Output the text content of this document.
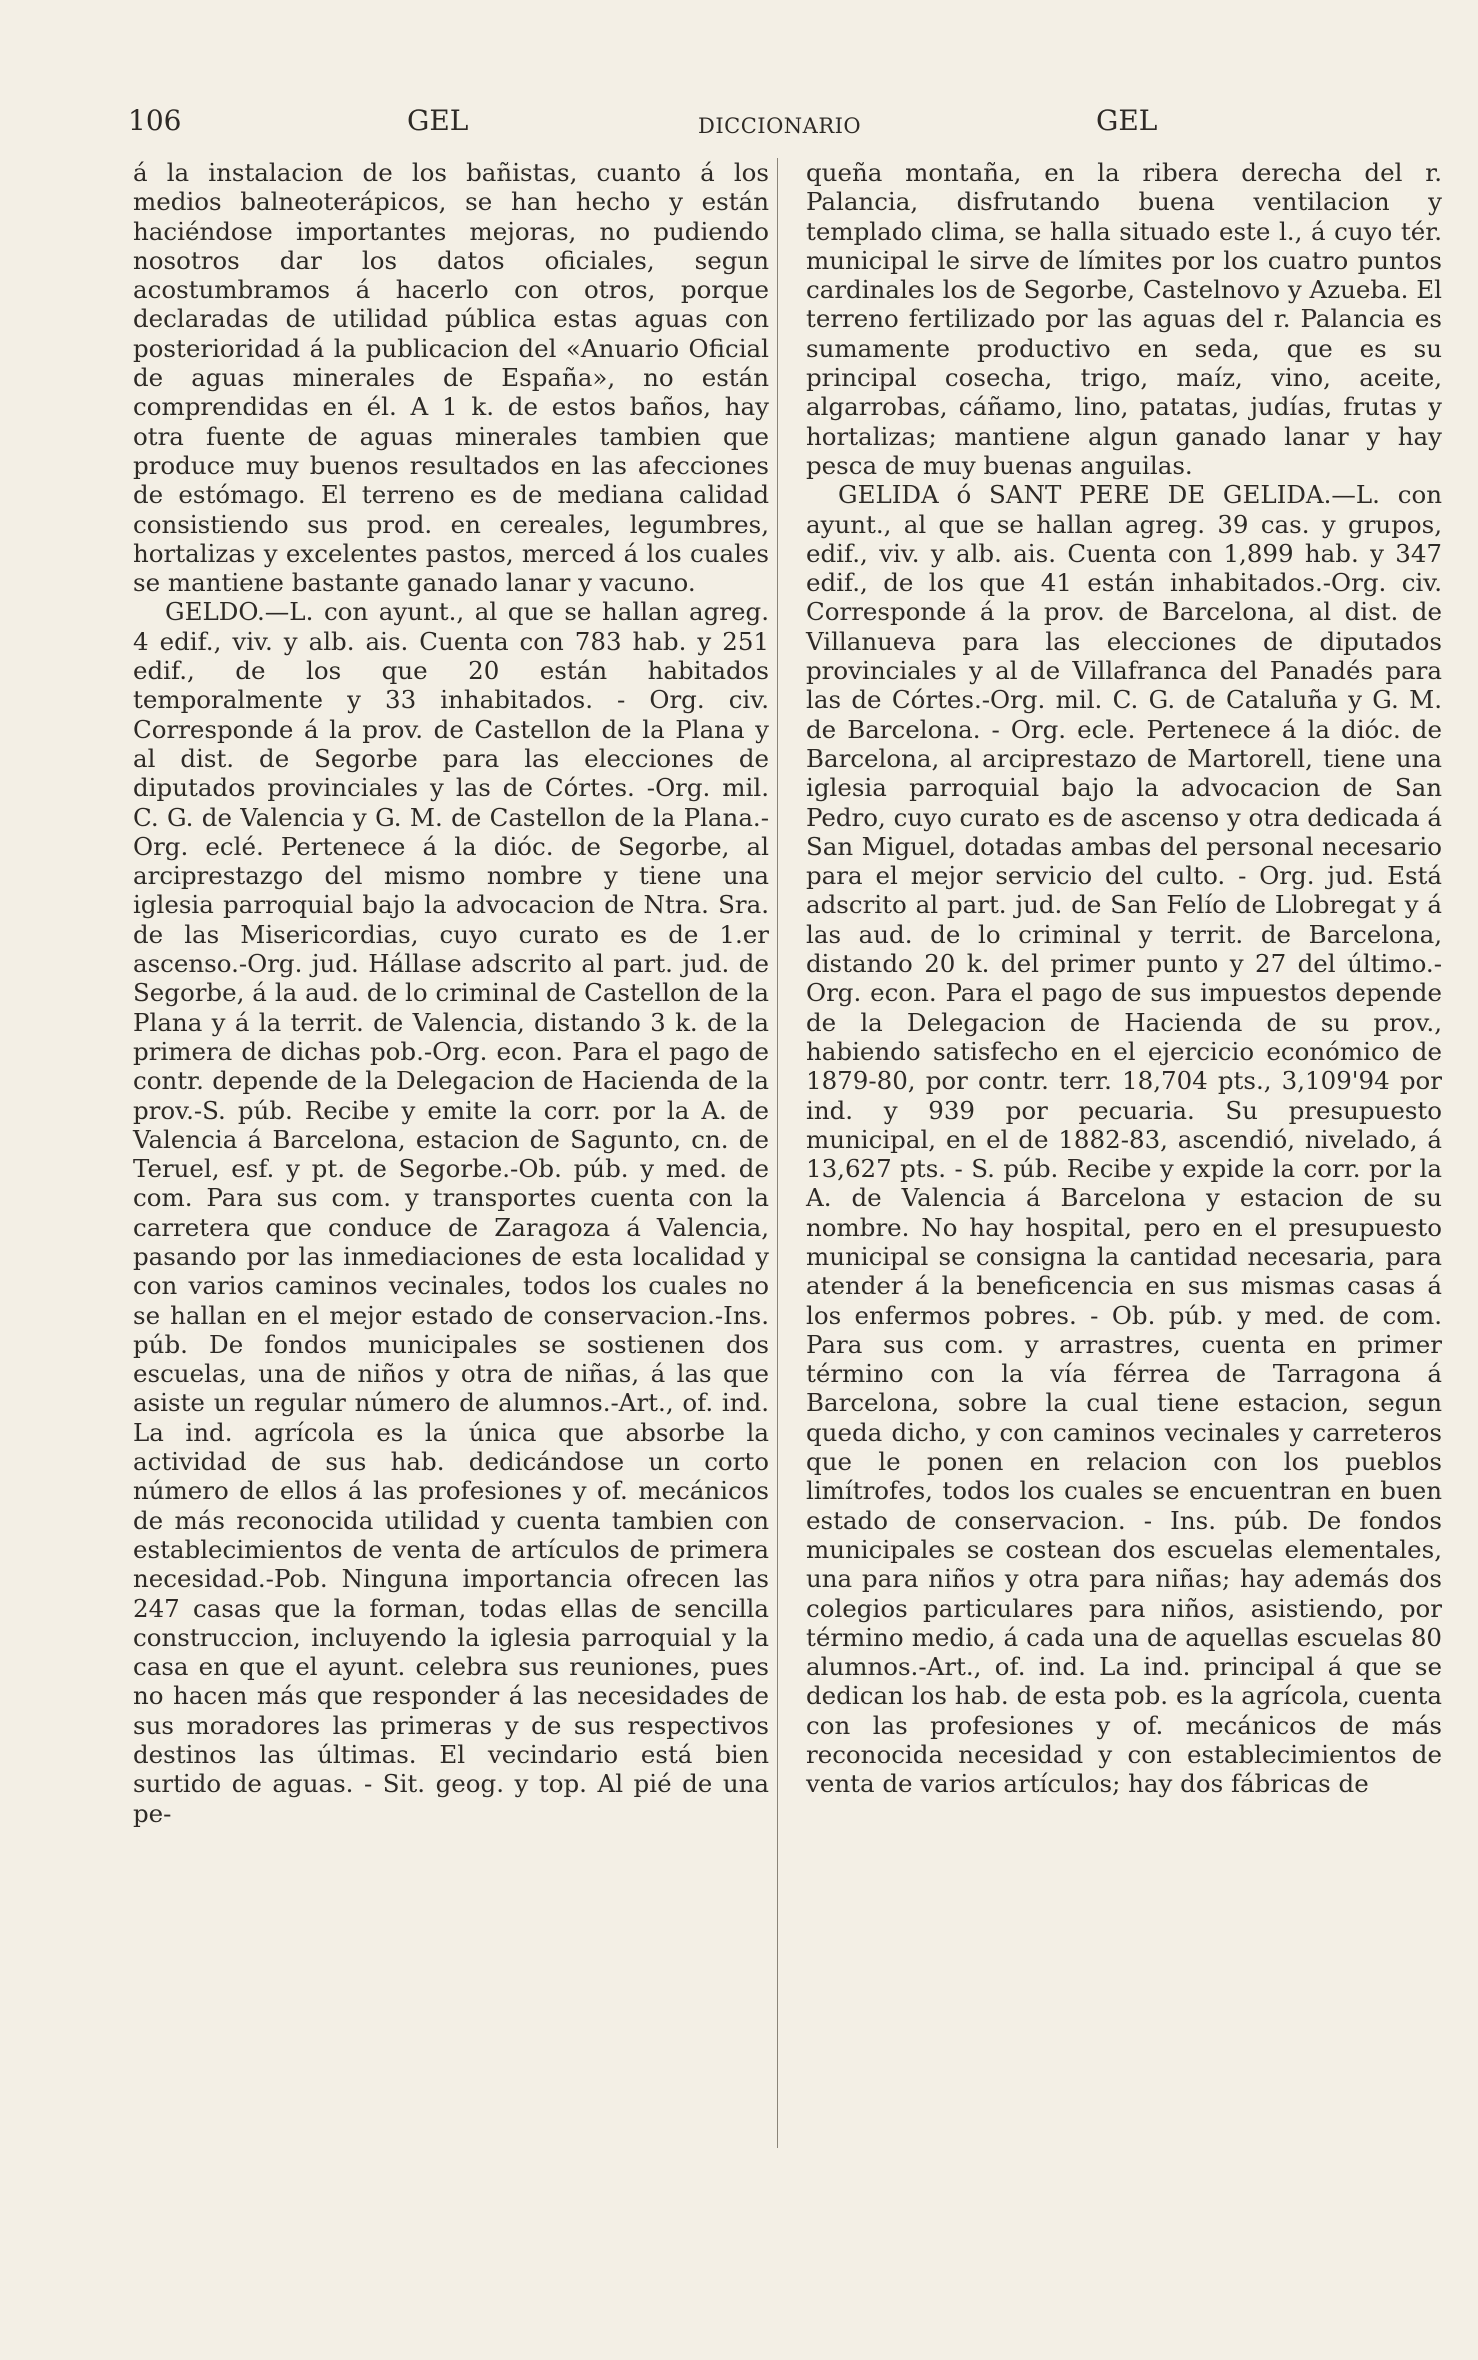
106	GEL	DICCIONARIO	GEL

á la instalacion de los bañistas, cuanto á los medios balneoterápicos, se han hecho y están haciéndose importantes mejoras, no pudiendo nosotros dar los datos oficiales, segun acostumbramos á hacerlo con otros, porque declaradas de utilidad pública estas aguas con posterioridad á la publicacion del «Anuario Oficial de aguas minerales de España», no están comprendidas en él. A 1 k. de estos baños, hay otra fuente de aguas minerales tambien que produce muy buenos resultados en las afecciones de estómago. El terreno es de mediana calidad consistiendo sus prod. en cereales, legumbres, hortalizas y excelentes pastos, merced á los cuales se mantiene bastante ganado lanar y vacuno.

GELDO.—L. con ayunt., al que se hallan agreg. 4 edif., viv. y alb. ais. Cuenta con 783 hab. y 251 edif., de los que 20 están habitados temporalmente y 33 inhabitados. - Org. civ. Corresponde á la prov. de Castellon de la Plana y al dist. de Segorbe para las elecciones de diputados provinciales y las de Córtes. -Org. mil. C. G. de Valencia y G. M. de Castellon de la Plana.-Org. eclé. Pertenece á la dióc. de Segorbe, al arciprestazgo del mismo nombre y tiene una iglesia parroquial bajo la advocacion de Ntra. Sra. de las Misericordias, cuyo curato es de 1.er ascenso.-Org. jud. Hállase adscrito al part. jud. de Segorbe, á la aud. de lo criminal de Castellon de la Plana y á la territ. de Valencia, distando 3 k. de la primera de dichas pob.-Org. econ. Para el pago de contr. depende de la Delegacion de Hacienda de la prov.-S. púb. Recibe y emite la corr. por la A. de Valencia á Barcelona, estacion de Sagunto, cn. de Teruel, esf. y pt. de Segorbe.-Ob. púb. y med. de com. Para sus com. y transportes cuenta con la carretera que conduce de Zaragoza á Valencia, pasando por las inmediaciones de esta localidad y con varios caminos vecinales, todos los cuales no se hallan en el mejor estado de conservacion.-Ins. púb. De fondos municipales se sostienen dos escuelas, una de niños y otra de niñas, á las que asiste un regular número de alumnos.-Art., of. ind. La ind. agrícola es la única que absorbe la actividad de sus hab. dedicándose un corto número de ellos á las profesiones y of. mecánicos de más reconocida utilidad y cuenta tambien con establecimientos de venta de artículos de primera necesidad.-Pob. Ninguna importancia ofrecen las 247 casas que la forman, todas ellas de sencilla construccion, incluyendo la iglesia parroquial y la casa en que el ayunt. celebra sus reuniones, pues no hacen más que responder á las necesidades de sus moradores las primeras y de sus respectivos destinos las últimas. El vecindario está bien surtido de aguas. - Sit. geog. y top. Al pié de una pe-

queña montaña, en la ribera derecha del r. Palancia, disfrutando buena ventilacion y templado clima, se halla situado este l., á cuyo tér. municipal le sirve de límites por los cuatro puntos cardinales los de Segorbe, Castelnovo y Azueba. El terreno fertilizado por las aguas del r. Palancia es sumamente productivo en seda, que es su principal cosecha, trigo, maíz, vino, aceite, algarrobas, cáñamo, lino, patatas, judías, frutas y hortalizas; mantiene algun ganado lanar y hay pesca de muy buenas anguilas.

GELIDA ó SANT PERE DE GELIDA.—L. con ayunt., al que se hallan agreg. 39 cas. y grupos, edif., viv. y alb. ais. Cuenta con 1,899 hab. y 347 edif., de los que 41 están inhabitados.-Org. civ. Corresponde á la prov. de Barcelona, al dist. de Villanueva para las elecciones de diputados provinciales y al de Villafranca del Panadés para las de Córtes.-Org. mil. C. G. de Cataluña y G. M. de Barcelona. - Org. ecle. Pertenece á la dióc. de Barcelona, al arciprestazo de Martorell, tiene una iglesia parroquial bajo la advocacion de San Pedro, cuyo curato es de ascenso y otra dedicada á San Miguel, dotadas ambas del personal necesario para el mejor servicio del culto. - Org. jud. Está adscrito al part. jud. de San Felío de Llobregat y á las aud. de lo criminal y territ. de Barcelona, distando 20 k. del primer punto y 27 del último.-Org. econ. Para el pago de sus impuestos depende de la Delegacion de Hacienda de su prov., habiendo satisfecho en el ejercicio económico de 1879-80, por contr. terr. 18,704 pts., 3,109'94 por ind. y 939 por pecuaria. Su presupuesto municipal, en el de 1882-83, ascendió, nivelado, á 13,627 pts. - S. púb. Recibe y expide la corr. por la A. de Valencia á Barcelona y estacion de su nombre. No hay hospital, pero en el presupuesto municipal se consigna la cantidad necesaria, para atender á la beneficencia en sus mismas casas á los enfermos pobres. - Ob. púb. y med. de com. Para sus com. y arrastres, cuenta en primer término con la vía férrea de Tarragona á Barcelona, sobre la cual tiene estacion, segun queda dicho, y con caminos vecinales y carreteros que le ponen en relacion con los pueblos limítrofes, todos los cuales se encuentran en buen estado de conservacion. - Ins. púb. De fondos municipales se costean dos escuelas elementales, una para niños y otra para niñas; hay además dos colegios particulares para niños, asistiendo, por término medio, á cada una de aquellas escuelas 80 alumnos.-Art., of. ind. La ind. principal á que se dedican los hab. de esta pob. es la agrícola, cuenta con las profesiones y of. mecánicos de más reconocida necesidad y con establecimientos de venta de varios artículos; hay dos fábricas de
